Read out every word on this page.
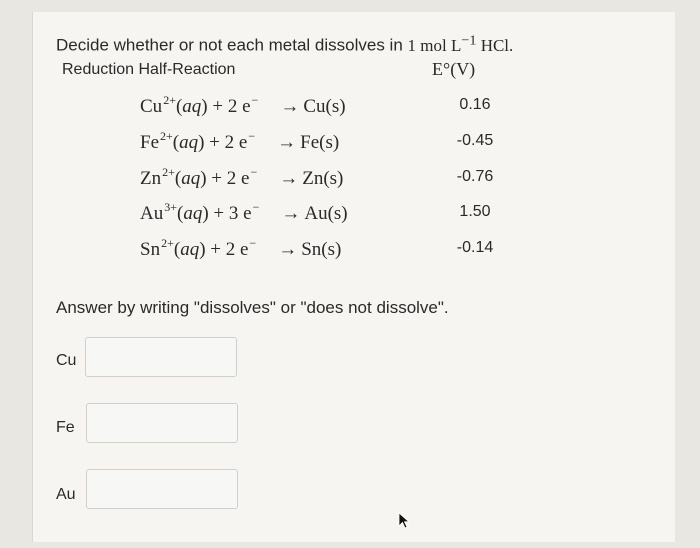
Decide whether or not each metal dissolves in 1 mol $L^{-1}$ HCl.
Reduction Half-Reaction	E°(V)
$Cu^{2+}(aq) + 2$ e− → Cu(s)	0.16
$Fe^{2+}(aq) + 2$ e− → Fe(s)	-0.45
$Zn^{2+}(aq) + 2$ e− → Zn(s)	-0.76
$Au^{3+}(aq) + 3$ e− → Au(s)	1.50
$Sn^{2+}(aq) + 2$ e− → Sn(s)	-0.14
Answer by writing "dissolves" or "does not dissolve".
Cu
Fe
Au
